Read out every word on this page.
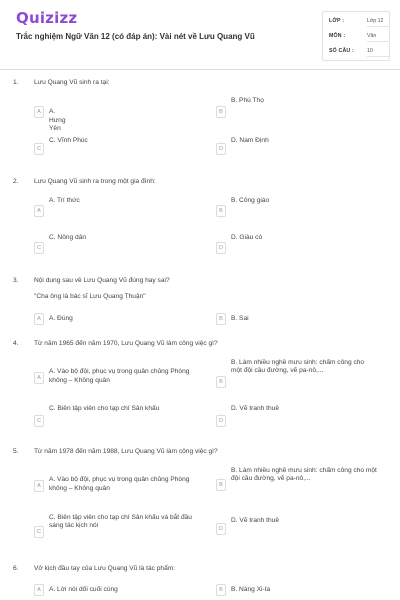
Quizizz
Trắc nghiệm Ngữ Văn 12 (có đáp án): Vài nét về Lưu Quang Vũ
LỚP :	Lớp 12
MÔN :	Văn
SỐ CÂU :	10
1. Lưu Quang Vũ sinh ra tại:
A	A. Hưng Yên
B. Phú Thọ
B
C. Vĩnh Phúc
C
D. Nam Định
D
2. Lưu Quang Vũ sinh ra trong một gia đình:
A. Trí thức
A
B. Công giáo
B
C. Nông dân
C
D. Giàu có
D
3. Nội dung sau về Lưu Quang Vũ đúng hay sai?
"Cha ông là bác sĩ Lưu Quang Thuận"
A	A. Đúng	B	B. Sai
4. Từ năm 1965 đến năm 1970, Lưu Quang Vũ làm công việc gì?
A
A. Vào bộ đội, phục vụ trong quân chủng Phòng
không – Không quân
B. Làm nhiều nghề mưu sinh: chấm công cho
một đội cầu đường, vẽ pa-nô,...
B
C. Biên tập viên cho tạp chí Sân khấu
C
D. Vẽ tranh thuê
D
5. Từ năm 1978 đến năm 1988, Lưu Quang Vũ làm công việc gì?
A
A. Vào bộ đội, phục vụ trong quân chủng Phòng
không – Không quân
B. Làm nhiều nghề mưu sinh: chấm công cho một
đội cầu đường, vẽ pa-nô,...
B
C. Biên tập viên cho tạp chí Sân khấu và bắt đầu
sáng tác kịch nói
C
D. Vẽ tranh thuê
D
6. Vở kịch đầu tay của Lưu Quang Vũ là tác phẩm:
A	A. Lời nói dối cuối cùng	B	B. Nàng Xi-ta
